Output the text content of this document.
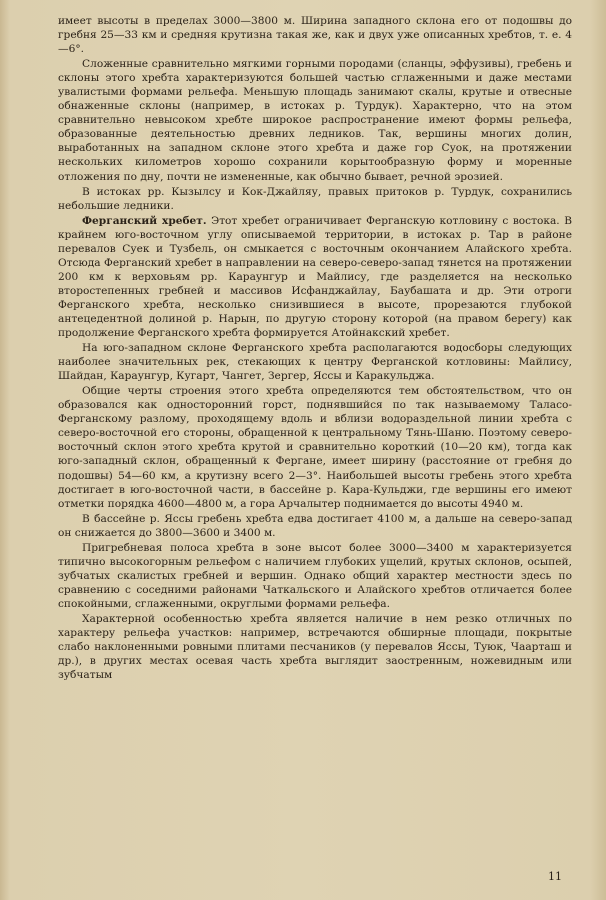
имеет высоты в пределах 3000—3800 м. Ширина западного склона его от подошвы до гребня 25—33 км и средняя крутизна такая же, как и двух уже описанных хребтов, т. е. 4—6°.

Сложенные сравнительно мягкими горными породами (сланцы, эффузивы), гребень и склоны этого хребта характеризуются большей частью сглаженными и даже местами увалистыми формами рельефа. Меньшую площадь занимают скалы, крутые и отвесные обнаженные склоны (например, в истоках р. Турдук). Характерно, что на этом сравнительно невысоком хребте широкое распространение имеют формы рельефа, образованные деятельностью древних ледников. Так, вершины многих долин, выработанных на западном склоне этого хребта и даже гор Суок, на протяжении нескольких километров хорошо сохранили корытообразную форму и моренные отложения по дну, почти не измененные, как обычно бывает, речной эрозией.

В истоках рр. Кызылсу и Кок-Джайляу, правых притоков р. Турдук, сохранились небольшие ледники.

Ферганский хребет. Этот хребет ограничивает Ферганскую котловину с востока. В крайнем юго-восточном углу описываемой территории, в истоках р. Тар в районе перевалов Суек и Тузбель, он смыкается с восточным окончанием Алайского хребта. Отсюда Ферганский хребет в направлении на северо-северо-запад тянется на протяжении 200 км к верховьям рр. Караунгур и Майлису, где разделяется на несколько второстепенных гребней и массивов Исфанджайлау, Баубашата и др. Эти отроги Ферганского хребта, несколько снизившиеся в высоте, прорезаются глубокой антецедентной долиной р. Нарын, по другую сторону которой (на правом берегу) как продолжение Ферганского хребта формируется Атойнакский хребет.

На юго-западном склоне Ферганского хребта располагаются водосборы следующих наиболее значительных рек, стекающих к центру Ферганской котловины: Майлису, Шайдан, Караунгур, Кугарт, Чангет, Зергер, Яссы и Каракульджа.

Общие черты строения этого хребта определяются тем обстоятельством, что он образовался как односторонний горст, поднявшийся по так называемому Таласо-Ферганскому разлому, проходящему вдоль и вблизи водораздельной линии хребта с северо-восточной его стороны, обращенной к центральному Тянь-Шаню. Поэтому северо-восточный склон этого хребта крутой и сравнительно короткий (10—20 км), тогда как юго-западный склон, обращенный к Фергане, имеет ширину (расстояние от гребня до подошвы) 54—60 км, а крутизну всего 2—3°. Наибольшей высоты гребень этого хребта достигает в юго-восточной части, в бассейне р. Кара-Кульджи, где вершины его имеют отметки порядка 4600—4800 м, а гора Арчалытер поднимается до высоты 4940 м.

В бассейне р. Яссы гребень хребта едва достигает 4100 м, а дальше на северо-запад он снижается до 3800—3600 и 3400 м.

Пригребневая полоса хребта в зоне высот более 3000—3400 м характеризуется типично высокогорным рельефом с наличием глубоких ущелий, крутых склонов, осыпей, зубчатых скалистых гребней и вершин. Однако общий характер местности здесь по сравнению с соседними районами Чаткальского и Алайского хребтов отличается более спокойными, сглаженными, округлыми формами рельефа.

Характерной особенностью хребта является наличие в нем резко отличных по характеру рельефа участков: например, встречаются обширные площади, покрытые слабо наклоненными ровными плитами песчаников (у перевалов Яссы, Туюк, Чаарташ и др.), в других местах осевая часть хребта выглядит заостренным, ножевидным или зубчатым

11
